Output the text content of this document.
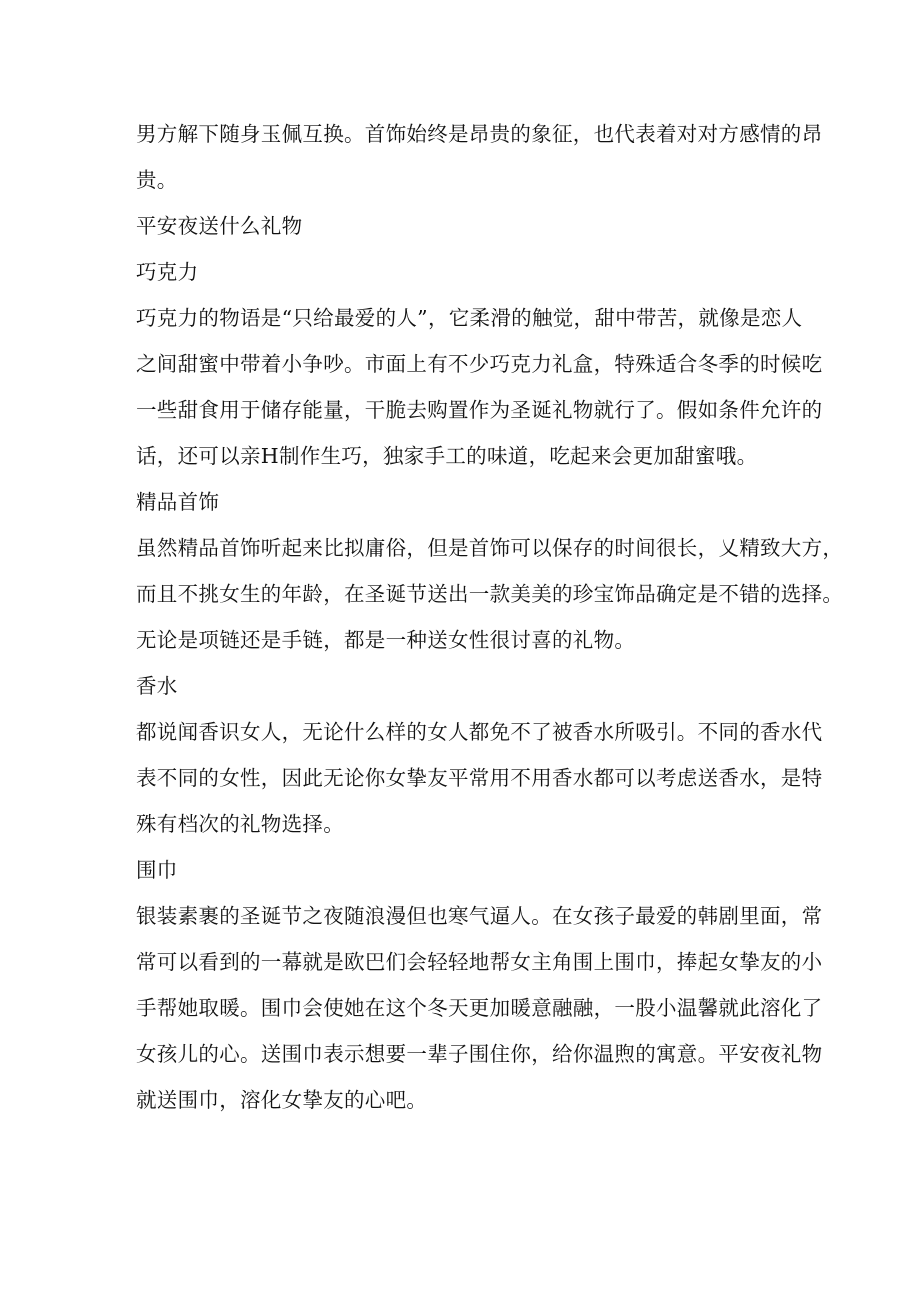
男方解下随身玉佩互换。首饰始终是昂贵的象征，也代表着对对方感情的昂
贵。
平安夜送什么礼物
巧克力
巧克力的物语是“只给最爱的人”，它柔滑的触觉，甜中带苦，就像是恋人
之间甜蜜中带着小争吵。市面上有不少巧克力礼盒，特殊适合冬季的时候吃
一些甜食用于储存能量，干脆去购置作为圣诞礼物就行了。假如条件允许的
话，还可以亲H制作生巧，独家手工的味道，吃起来会更加甜蜜哦。
精品首饰
虽然精品首饰听起来比拟庸俗，但是首饰可以保存的时间很长，乂精致大方，
而且不挑女生的年龄，在圣诞节送出一款美美的珍宝饰品确定是不错的选择。
无论是项链还是手链，都是一种送女性很讨喜的礼物。
香水
都说闻香识女人，无论什么样的女人都免不了被香水所吸引。不同的香水代
表不同的女性，因此无论你女挚友平常用不用香水都可以考虑送香水，是特
殊有档次的礼物选择。
围巾
银装素裹的圣诞节之夜随浪漫但也寒气逼人。在女孩子最爱的韩剧里面，常
常可以看到的一幕就是欧巴们会轻轻地帮女主角围上围巾，捧起女挚友的小
手帮她取暖。围巾会使她在这个冬天更加暖意融融，一股小温馨就此溶化了
女孩儿的心。送围巾表示想要一辈子围住你，给你温煦的寓意。平安夜礼物
就送围巾，溶化女挚友的心吧。
